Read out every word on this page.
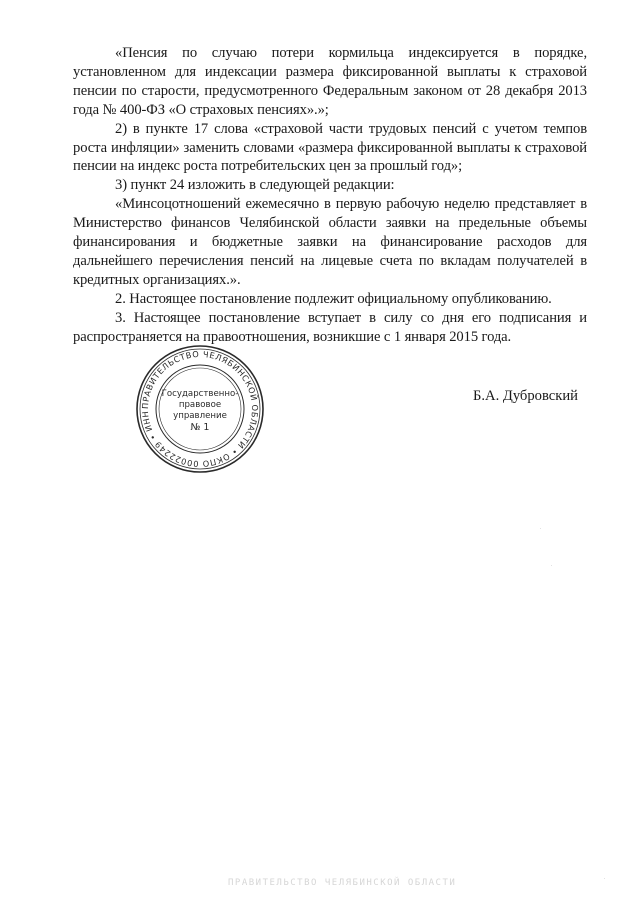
«Пенсия по случаю потери кормильца индексируется в порядке, установленном для индексации размера фиксированной выплаты к страховой пенсии по старости, предусмотренного Федеральным законом от 28 декабря 2013 года № 400-ФЗ «О страховых пенсиях».»;

2) в пункте 17 слова «страховой части трудовых пенсий с учетом темпов роста инфляции» заменить словами «размера фиксированной выплаты к страховой пенсии на индекс роста потребительских цен за прошлый год»;

3) пункт 24 изложить в следующей редакции:

«Минсоцотношений ежемесячно в первую рабочую неделю представляет в Министерство финансов Челябинской области заявки на предельные объемы финансирования и бюджетные заявки на финансирование расходов для дальнейшего перечисления пенсий на лицевые счета по вкладам получателей в кредитных организациях.».

2. Настоящее постановление подлежит официальному опубликованию.

3. Настоящее постановление вступает в силу со дня его подписания и распространяется на правоотношения, возникшие с 1 января 2015 года.

ПРАВИТЕЛЬСТВО ЧЕЛЯБИНСКОЙ ОБЛАСТИ • ОКПО 00022249 • ИНН
Государственно-
правовое
управление
№ 1
Б.А. Дубровский
ПРАВИТЕЛЬСТВО ЧЕЛЯБИНСКОЙ ОБЛАСТИ
